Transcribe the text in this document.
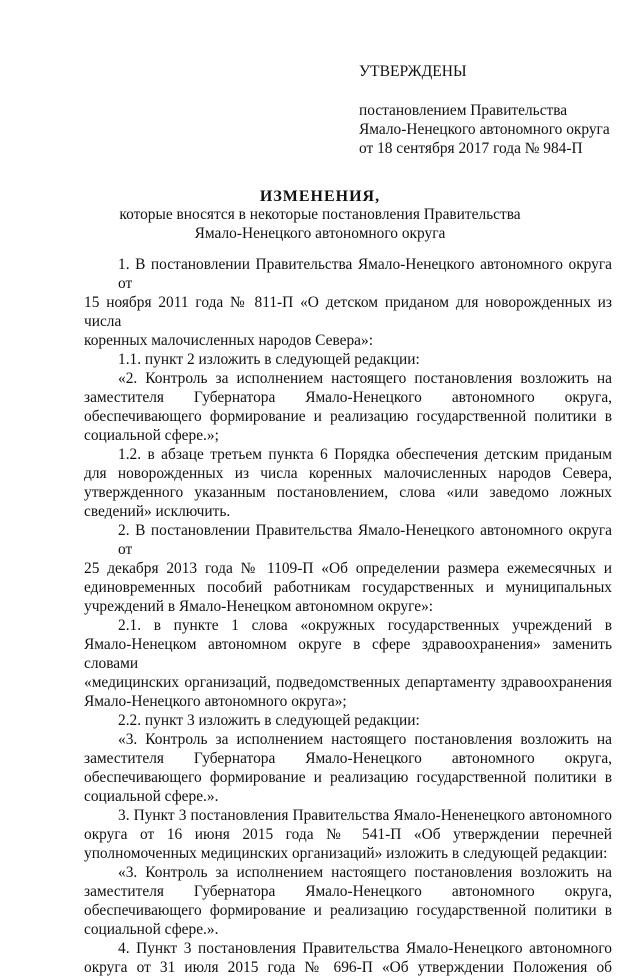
УТВЕРЖДЕНЫ
постановлением Правительства
Ямало-Ненецкого автономного округа
от 18 сентября 2017 года № 984-П
ИЗМЕНЕНИЯ,
которые вносятся в некоторые постановления Правительства
Ямало-Ненецкого автономного округа
1. В постановлении Правительства Ямало-Ненецкого автономного округа от
15 ноября 2011 года № 811-П «О детском приданом для новорожденных из числа
коренных малочисленных народов Севера»:
1.1. пункт 2 изложить в следующей редакции:
«2. Контроль за исполнением настоящего постановления возложить на
заместителя Губернатора Ямало-Ненецкого автономного округа,
обеспечивающего формирование и реализацию государственной политики в
социальной сфере.»;
1.2. в абзаце третьем пункта 6 Порядка обеспечения детским приданым
для новорожденных из числа коренных малочисленных народов Севера,
утвержденного указанным постановлением, слова «или заведомо ложных
сведений» исключить.
2. В постановлении Правительства Ямало-Ненецкого автономного округа от
25 декабря 2013 года № 1109-П «Об определении размера ежемесячных и
единовременных пособий работникам государственных и муниципальных
учреждений в Ямало-Ненецком автономном округе»:
2.1. в пункте 1 слова «окружных государственных учреждений в
Ямало-Ненецком автономном округе в сфере здравоохранения» заменить словами
«медицинских организаций, подведомственных департаменту здравоохранения
Ямало-Ненецкого автономного округа»;
2.2. пункт 3 изложить в следующей редакции:
«3. Контроль за исполнением настоящего постановления возложить на
заместителя Губернатора Ямало-Ненецкого автономного округа,
обеспечивающего формирование и реализацию государственной политики в
социальной сфере.».
3. Пункт 3 постановления Правительства Ямало-Нененецкого автономного
округа от 16 июня 2015 года № 541-П «Об утверждении перечней
уполномоченных медицинских организаций» изложить в следующей редакции:
«3. Контроль за исполнением настоящего постановления возложить на
заместителя Губернатора Ямало-Ненецкого автономного округа,
обеспечивающего формирование и реализацию государственной политики в
социальной сфере.».
4. Пункт 3 постановления Правительства Ямало-Ненецкого автономного
округа от 31 июля 2015 года № 696-П «Об утверждении Положения об
